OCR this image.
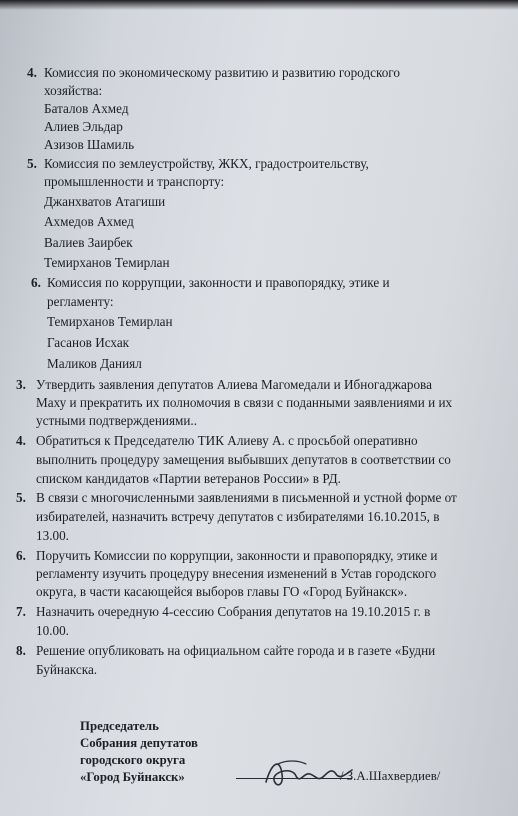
4. Комиссия по экономическому развитию и развитию городского
хозяйства:
Баталов Ахмед
Алиев Эльдар
Азизов Шамиль
5. Комиссия по землеустройству, ЖКХ, градостроительству,
промышленности и транспорту:
Джанхватов Атагиши
Ахмедов Ахмед
Валиев Заирбек
Темирханов Темирлан
6. Комиссия по коррупции, законности и правопорядку, этике и
регламенту:
Темирханов Темирлан
Гасанов Исхак
Маликов Даниял
3. Утвердить заявления депутатов Алиева Магомедали и Ибногаджарова
Маху и прекратить их полномочия в связи с поданными заявлениями и их
устными подтверждениями..
4. Обратиться к Председателю ТИК Алиеву А. с просьбой оперативно
выполнить процедуру замещения выбывших депутатов в соответствии со
списком кандидатов «Партии ветеранов России» в РД.
5. В связи с многочисленными заявлениями в письменной и устной форме от
избирателей, назначить встречу депутатов с избирателями 16.10.2015, в
13.00.
6. Поручить Комиссии по коррупции, законности и правопорядку, этике и
регламенту изучить процедуру внесения изменений в Устав городского
округа, в части касающейся выборов главы ГО «Город Буйнакск».
7. Назначить очередную 4-сессию Собрания депутатов на 19.10.2015 г. в
10.00.
8. Решение опубликовать на официальном сайте города и в газете «Будни
Буйнакска.
Председатель
Собрания депутатов
городского округа
«Город Буйнакск»	/ З.А.Шахвердиев/
